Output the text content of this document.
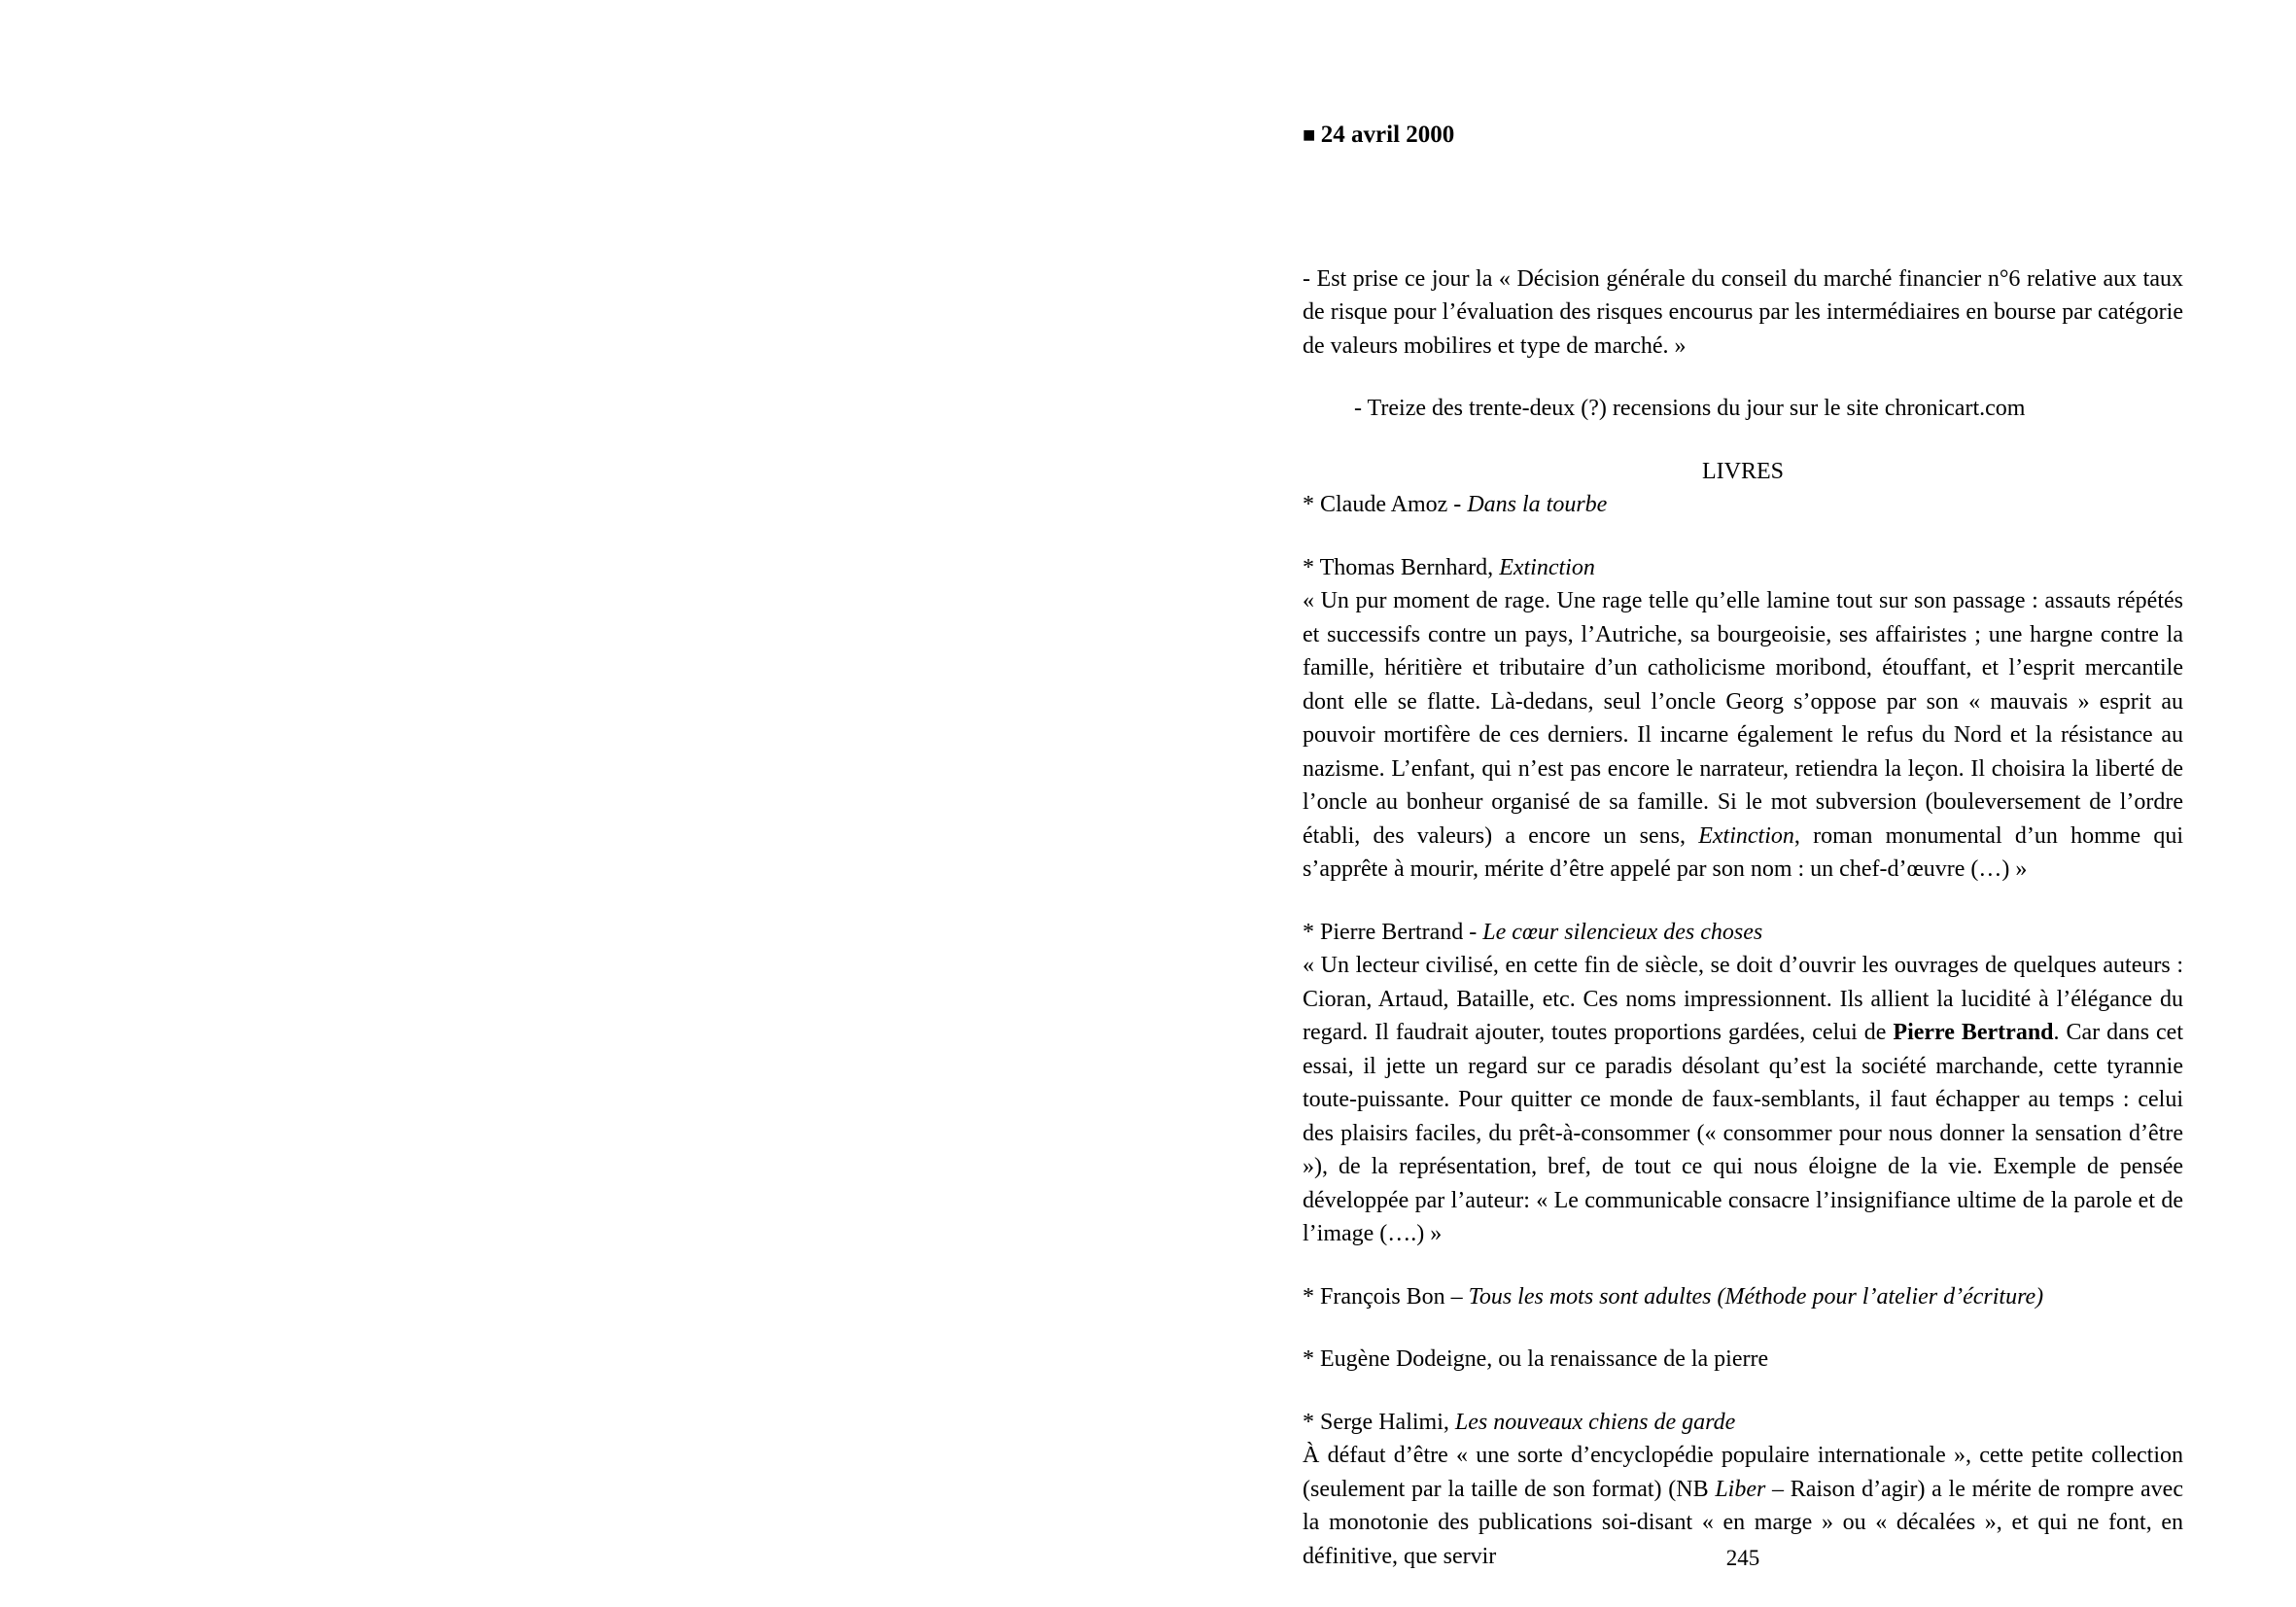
■ 24 avril 2000
- Est prise ce jour la « Décision générale du conseil du marché financier n°6 relative aux taux de risque pour l’évaluation des risques encourus par les intermédiaires en bourse par catégorie de valeurs mobilires et type de marché. »
- Treize des trente-deux (?) recensions du jour sur le site chronicart.com
LIVRES
* Claude Amoz - Dans la tourbe
* Thomas Bernhard, Extinction
« Un pur moment de rage. Une rage telle qu’elle lamine tout sur son passage : assauts répétés et successifs contre un pays, l’Autriche, sa bourgeoisie, ses affairistes ; une hargne contre la famille, héritière et tributaire d’un catholicisme moribond, étouffant, et l’esprit mercantile dont elle se flatte. Là-dedans, seul l’oncle Georg s’oppose par son « mauvais » esprit au pouvoir mortifère de ces derniers. Il incarne également le refus du Nord et la résistance au nazisme. L’enfant, qui n’est pas encore le narrateur, retiendra la leçon. Il choisira la liberté de l’oncle au bonheur organisé de sa famille. Si le mot subversion (bouleversement de l’ordre établi, des valeurs) a encore un sens, Extinction, roman monumental d’un homme qui s’apprête à mourir, mérite d’être appelé par son nom : un chef-d’œuvre (…) »
* Pierre Bertrand - Le cœur silencieux des choses
« Un lecteur civilisé, en cette fin de siècle, se doit d’ouvrir les ouvrages de quelques auteurs : Cioran, Artaud, Bataille, etc. Ces noms impressionnent. Ils allient la lucidité à l’élégance du regard. Il faudrait ajouter, toutes proportions gardées, celui de Pierre Bertrand. Car dans cet essai, il jette un regard sur ce paradis désolant qu’est la société marchande, cette tyrannie toute-puissante. Pour quitter ce monde de faux-semblants, il faut échapper au temps : celui des plaisirs faciles, du prêt-à-consommer (« consommer pour nous donner la sensation d’être »), de la représentation, bref, de tout ce qui nous éloigne de la vie. Exemple de pensée développée par l’auteur: « Le communicable consacre l’insignifiance ultime de la parole et de l’image (….) »
* François Bon – Tous les mots sont adultes (Méthode pour l’atelier d’écriture)
* Eugène Dodeigne, ou la renaissance de la pierre
* Serge Halimi, Les nouveaux chiens de garde
À défaut d’être « une sorte d’encyclopédie populaire internationale », cette petite collection (seulement par la taille de son format) (NB Liber – Raison d’agir) a le mérite de rompre avec la monotonie des publications soi-disant « en marge » ou « décalées », et qui ne font, en définitive, que servir	245
